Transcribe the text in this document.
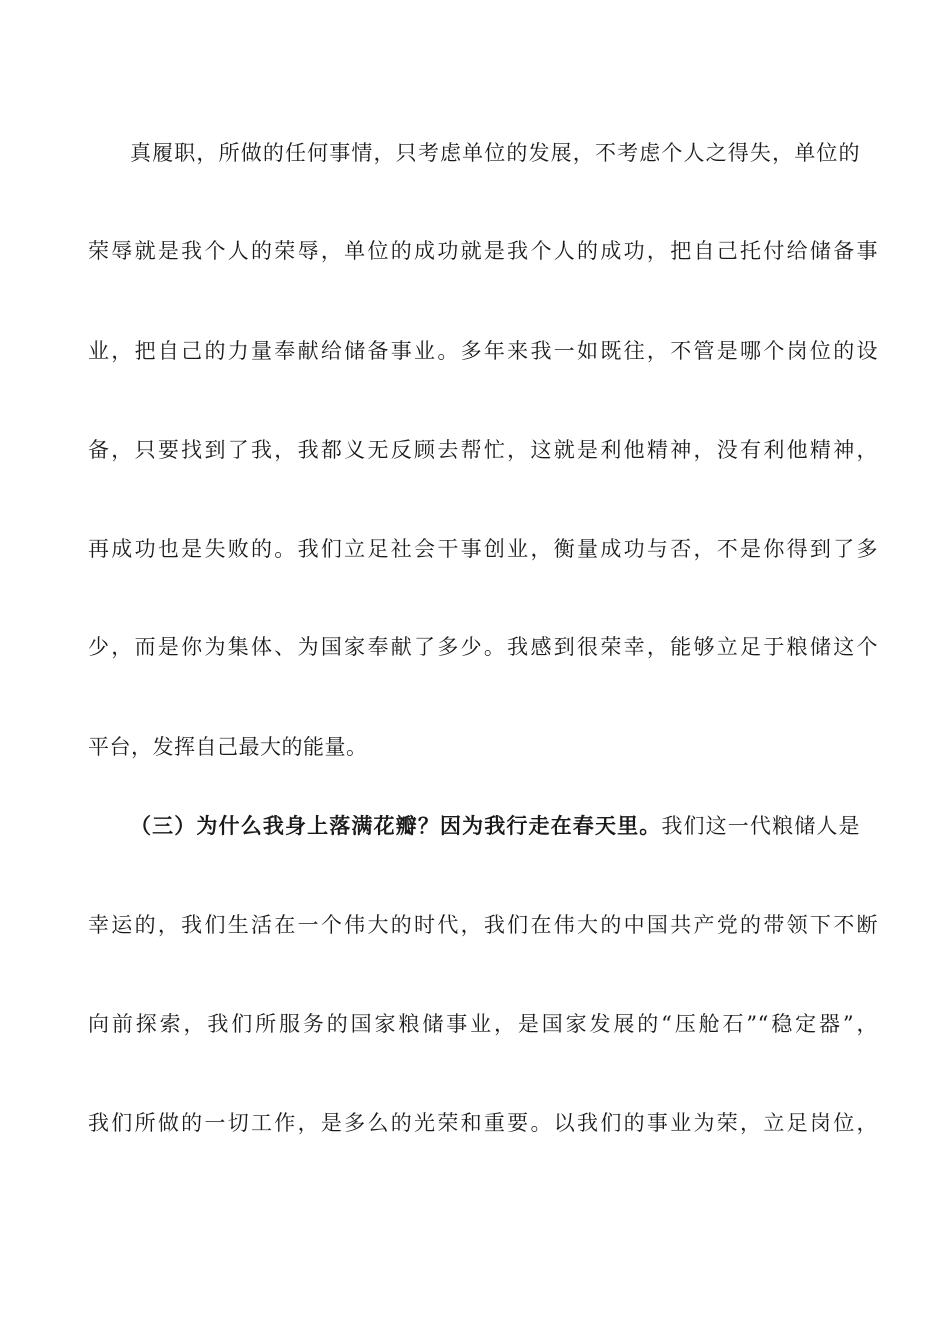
真履职，所做的任何事情，只考虑单位的发展，不考虑个人之得失，单位的
荣辱就是我个人的荣辱，单位的成功就是我个人的成功，把自己托付给储备事
业，把自己的力量奉献给储备事业。多年来我一如既往，不管是哪个岗位的设
备，只要找到了我，我都义无反顾去帮忙，这就是利他精神，没有利他精神，
再成功也是失败的。我们立足社会干事创业，衡量成功与否，不是你得到了多
少，而是你为集体、为国家奉献了多少。我感到很荣幸，能够立足于粮储这个
平台，发挥自己最大的能量。
（三）为什么我身上落满花瓣？因为我行走在春天里。我们这一代粮储人是
幸运的，我们生活在一个伟大的时代，我们在伟大的中国共产党的带领下不断
向前探索，我们所服务的国家粮储事业，是国家发展的“压舱石”“稳定器”，
我们所做的一切工作，是多么的光荣和重要。以我们的事业为荣，立足岗位，
